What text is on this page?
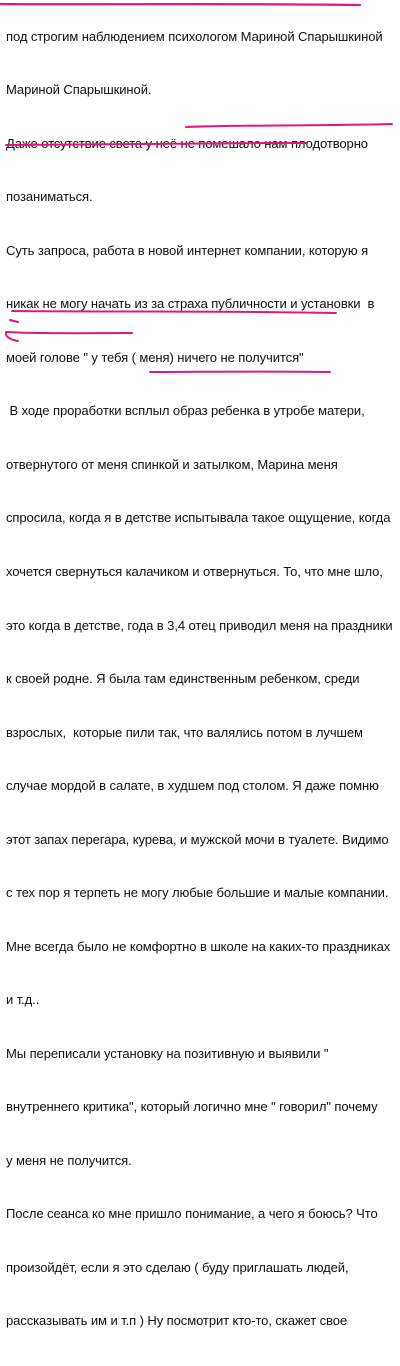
под строгим наблюдением психологом Мариной Спарышкиной

Мариной Спарышкиной.

Даже отсутствие света у неё не помешало нам плодотворно

позаниматься.

Суть запроса, работа в новой интернет компании, которую я

никак не могу начать из за страха публичности и установки  в

моей голове " у тебя ( меня) ничего не получится"

В ходе проработки всплыл образ ребенка в утробе матери,

отвернутого от меня спинкой и затылком, Марина меня

спросила, когда я в детстве испытывала такое ощущение, когда

хочется свернуться калачиком и отвернуться. То, что мне шло,

это когда в детстве, года в 3,4 отец приводил меня на праздники

к своей родне. Я была там единственным ребенком, среди

взрослых,  которые пили так, что валялись потом в лучшем

случае мордой в салате, в худшем под столом. Я даже помню

этот запах перегара, курева, и мужской мочи в туалете. Видимо

с тех пор я терпеть не могу любые большие и малые компании.

Мне всегда было не комфортно в школе на каких-то праздниках

и т.д..

Мы переписали установку на позитивную и выявили "

внутреннего критика", который логично мне " говорил" почему

у меня не получится.

После сеанса ко мне пришло понимание, а чего я боюсь? Что

произойдёт, если я это сделаю ( буду приглашать людей,

рассказывать им и т.п ) Ну посмотрит кто-то, скажет свое
